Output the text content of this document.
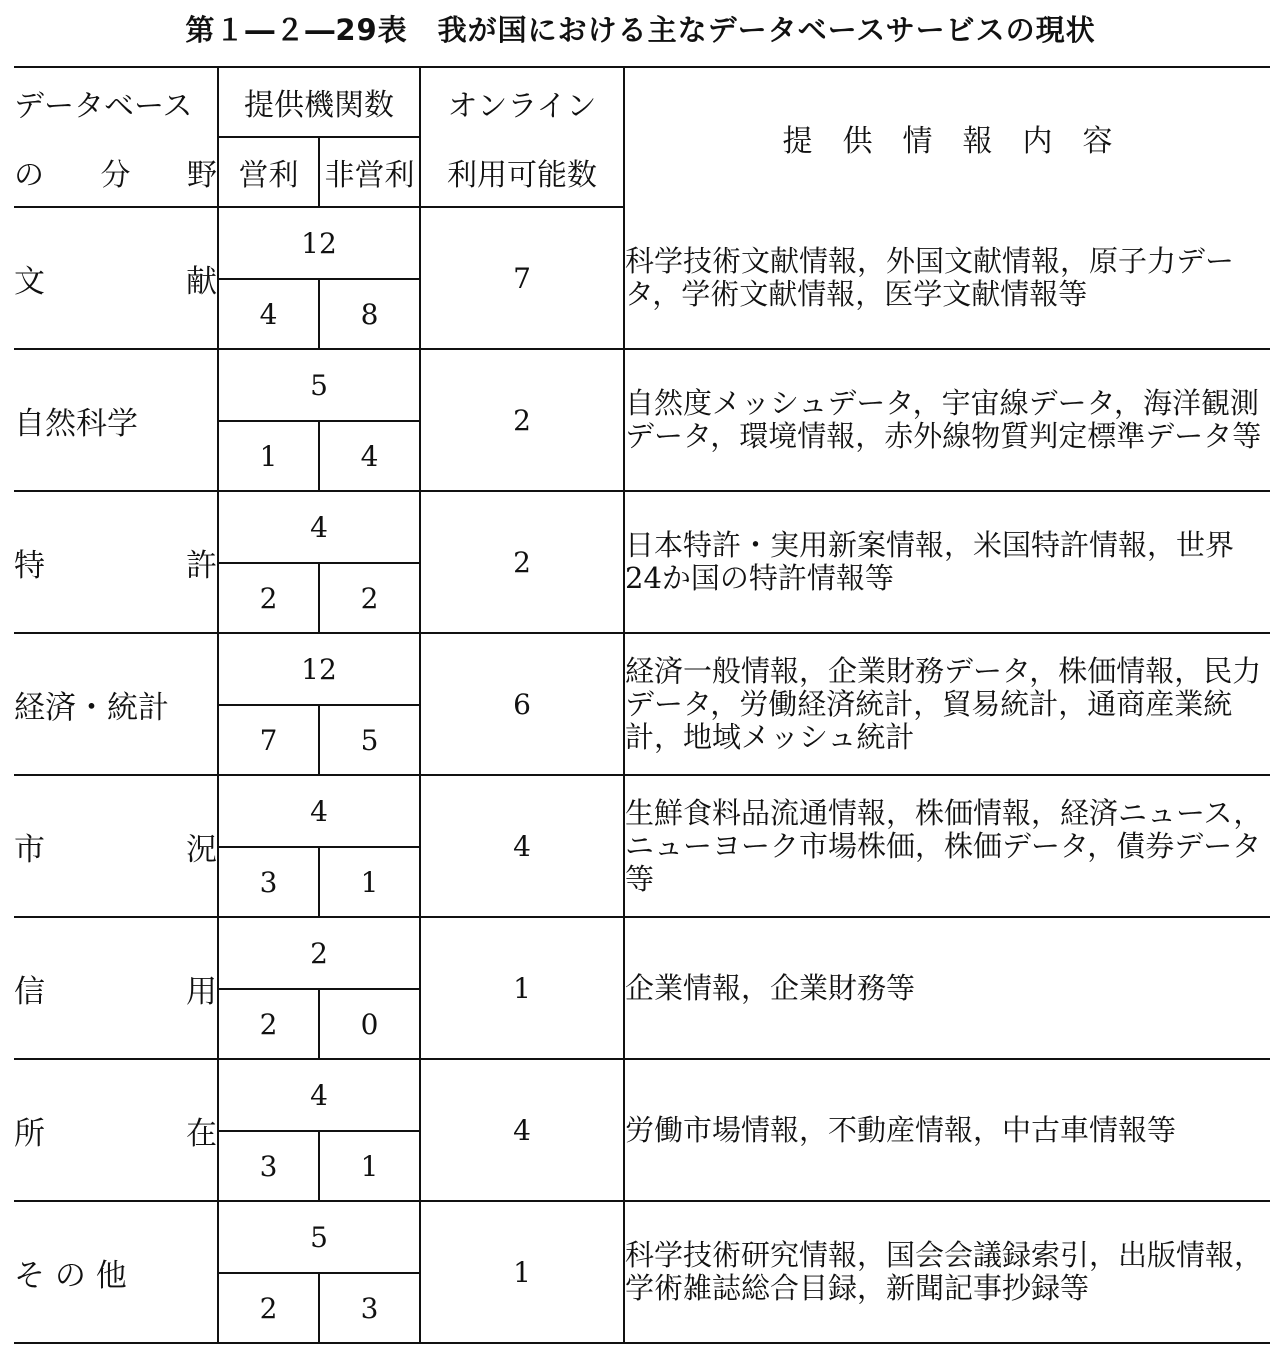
第１―２―29表　我が国における主なデータベースサービスの現状
データベース	提供機関数		オンライン	提　供　情　報　内　容

の 分 野	営利	非営利	利用可能数	

文 献	12		7	科学技術文献情報，外国文献情報，原子力データ，学術文献情報，医学文献情報等
	4	8		

自然科学	5		2	自然度メッシュデータ，宇宙線データ，海洋観測データ，環境情報，赤外線物質判定標準データ等
	1	4		

特 許	4		2	日本特許・実用新案情報，米国特許情報，世界24か国の特許情報等
	2	2		

経済・統計	12		6	経済一般情報，企業財務データ，株価情報，民力データ，労働経済統計，貿易統計，通商産業統計，地域メッシュ統計
	7	5		

市 況	4		4	生鮮食料品流通情報，株価情報，経済ニュース，ニューヨーク市場株価，株価データ，債券データ等
	3	1		

信 用	2		1	企業情報，企業財務等
	2	0		

所 在	4		4	労働市場情報，不動産情報，中古車情報等
	3	1		

そ の 他	5		1	科学技術研究情報，国会会議録索引，出版情報，学術雑誌総合目録，新聞記事抄録等
	2	3		
